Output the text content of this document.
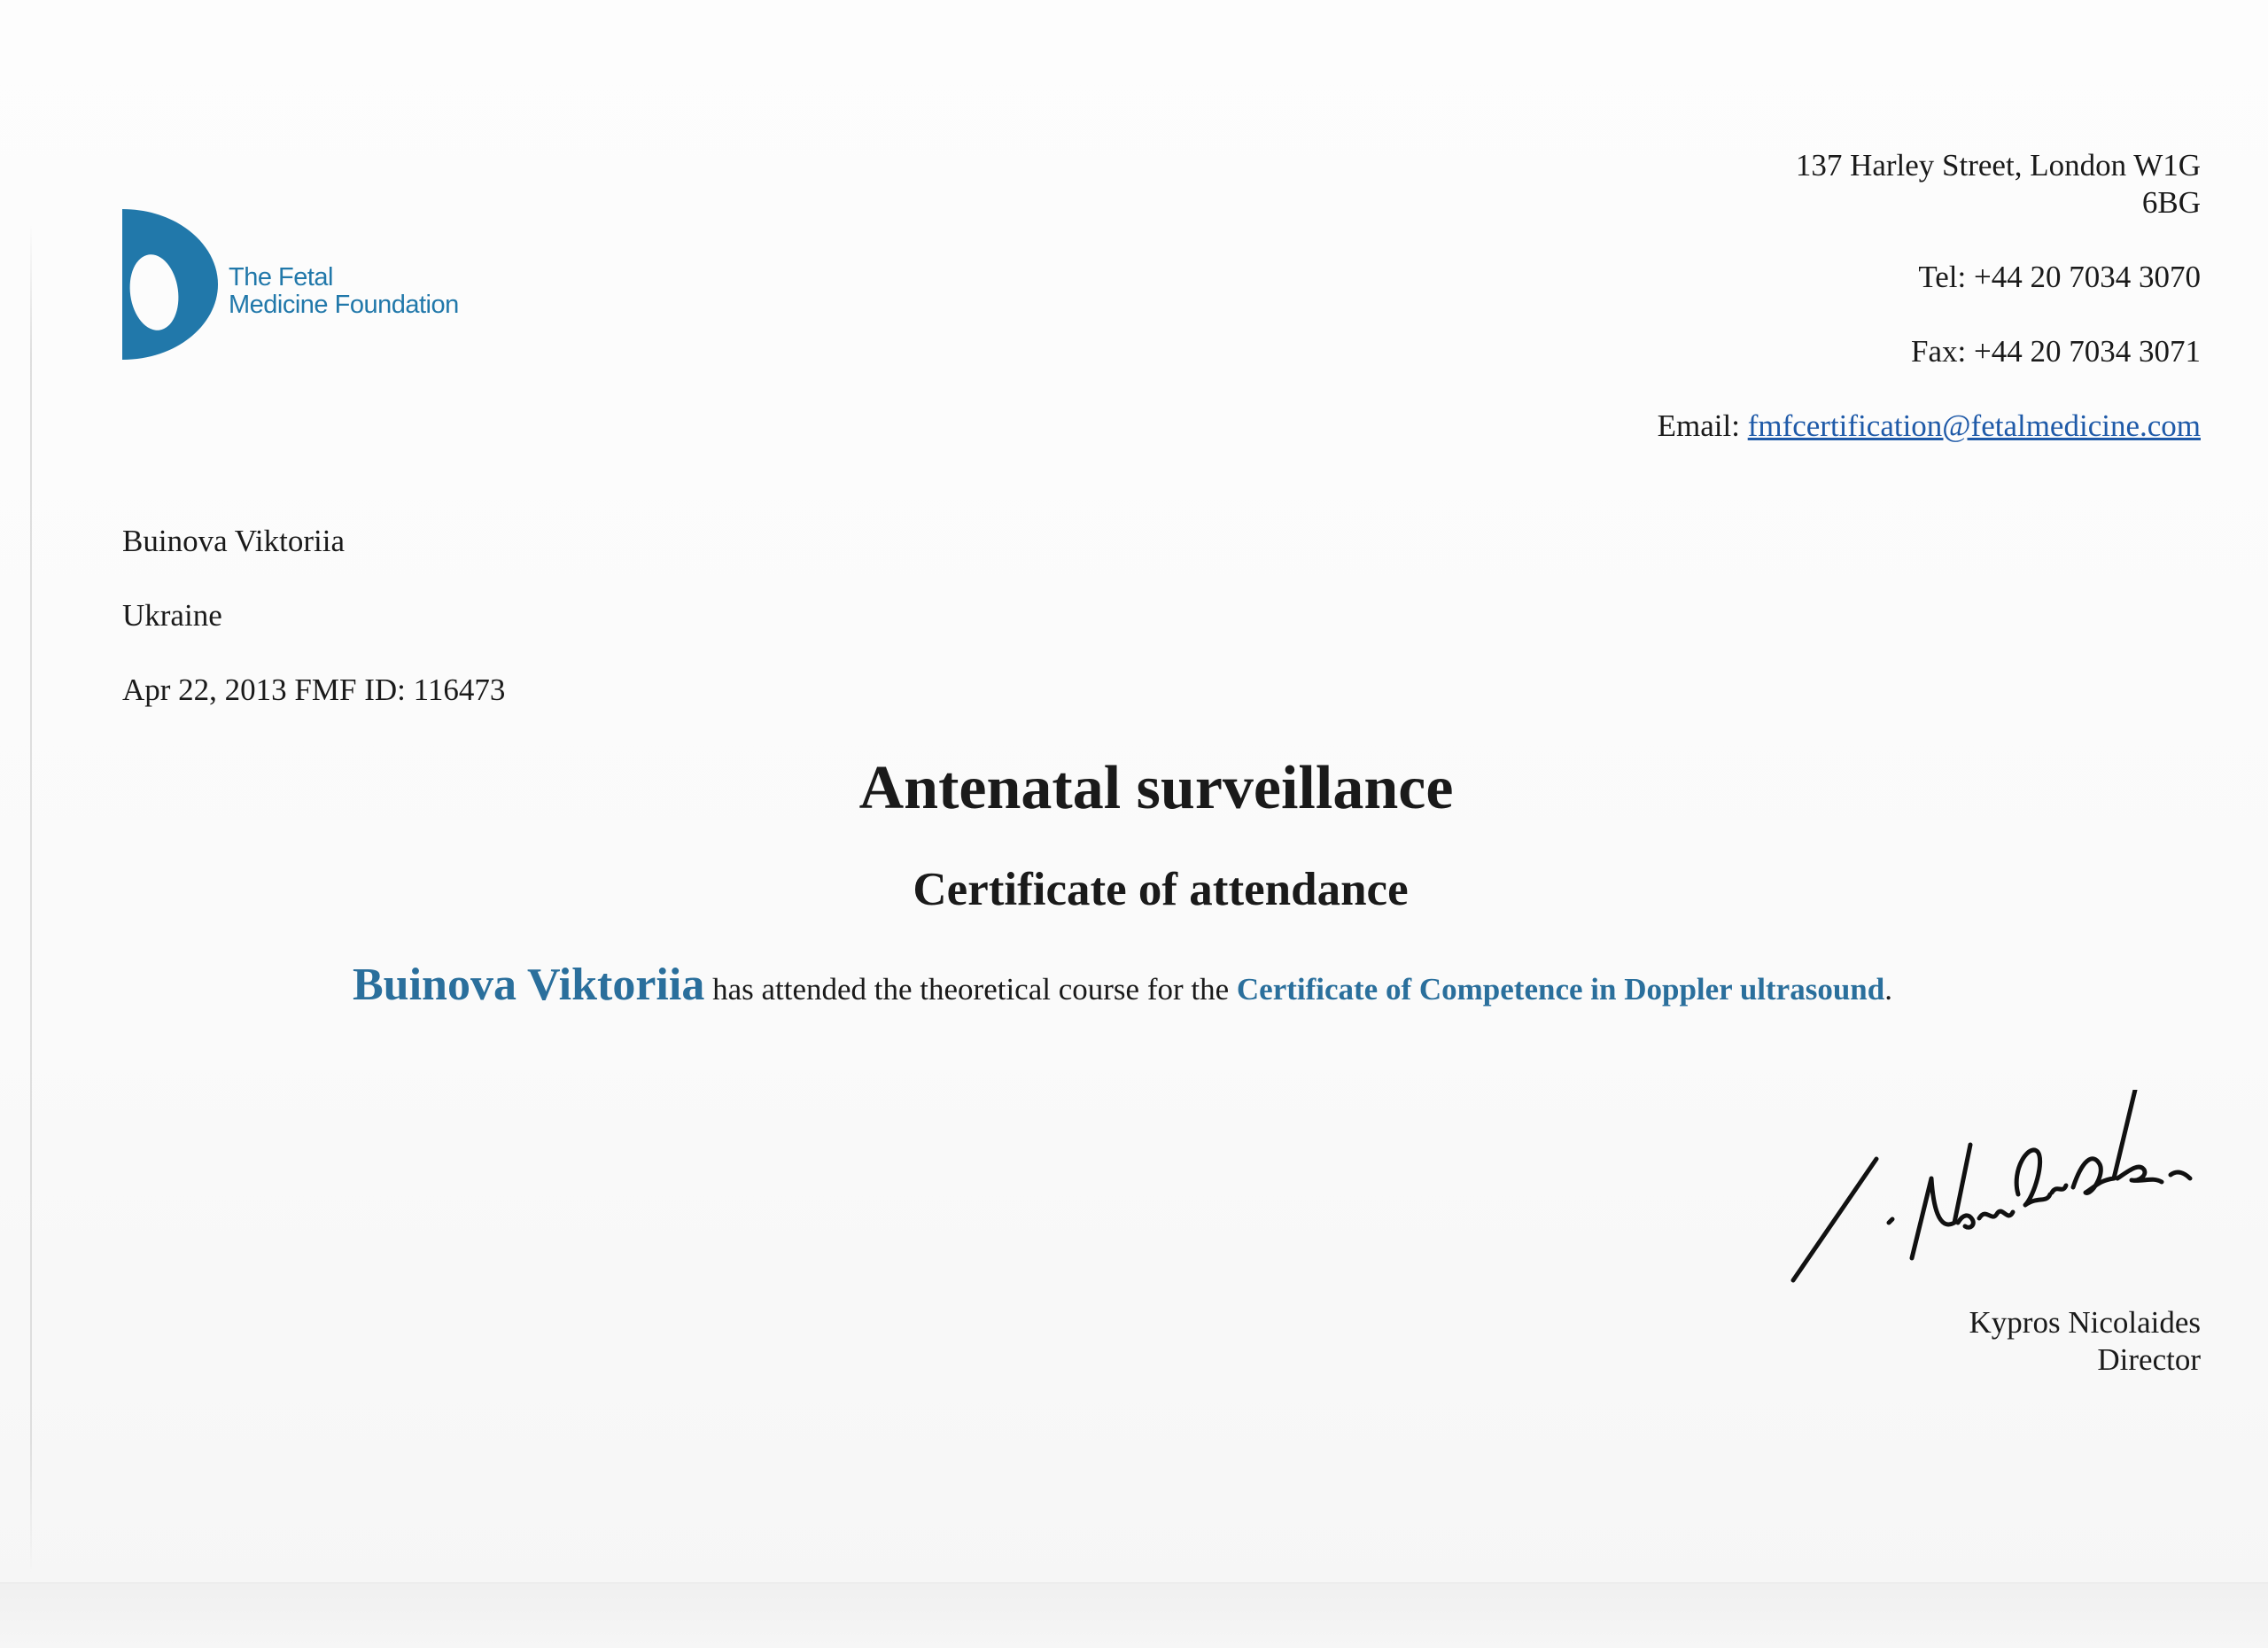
The Fetal
Medicine Foundation
137 Harley Street, London W1G
6BG
Tel: +44 20 7034 3070
Fax: +44 20 7034 3071
Email: fmfcertification@fetalmedicine.com
Buinova Viktoriia
Ukraine
Apr 22, 2013 FMF ID: 116473
Antenatal surveillance
Certificate of attendance
Buinova Viktoriia has attended the theoretical course for the Certificate of Competence in Doppler ultrasound.
Kypros Nicolaides
Director
